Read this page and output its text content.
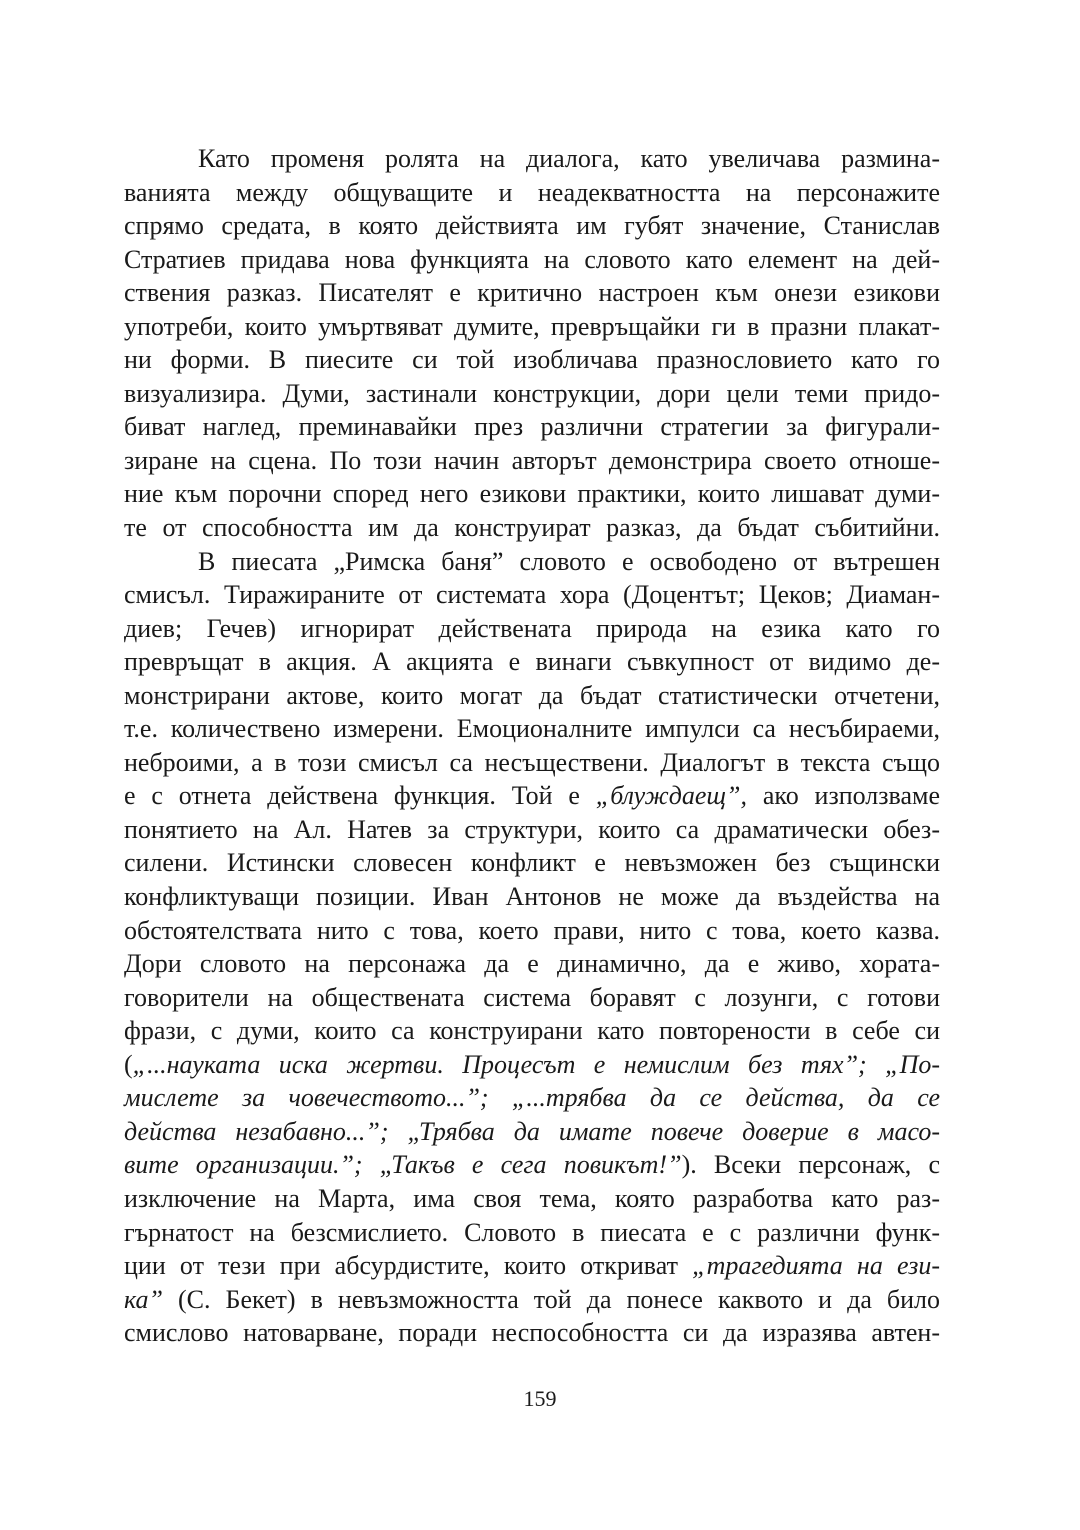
Като променя ролята на диалога, като увеличава размина-
ванията между общуващите и неадекватността на персонажите
спрямо средата, в която действията им губят значение, Станислав
Стратиев придава нова функцията на словото като елемент на дей-
ствения разказ. Писателят е критично настроен към онези езикови
употреби, които умъртвяват думите, превръщайки ги в празни плакат-
ни форми. В пиесите си той изобличава празнословието като го
визуализира. Думи, застинали конструкции, дори цели теми придо-
биват наглед, преминавайки през различни стратегии за фигурали-
зиране на сцена. По този начин авторът демонстрира своето отноше-
ние към порочни според него езикови практики, които лишават думи-
те от способността им да конструират разказ, да бъдат събитийни.
В пиесата „Римска баня” словото е освободено от вътрешен
смисъл. Тиражираните от системата хора (Доцентът; Цеков; Диаман-
диев; Гечев) игнорират действената природа на езика като го
превръщат в акция. А акцията е винаги съвкупност от видимо де-
монстрирани актове, които могат да бъдат статистически отчетени,
т.е. количествено измерени. Емоционалните импулси са несъбираеми,
неброими, а в този смисъл са несъществени. Диалогът в текста също
е с отнета действена функция. Той е „блуждаещ”, ако използваме
понятието на Ал. Натев за структури, които са драматически обез-
силени. Истински словесен конфликт е невъзможен без същински
конфликтуващи позиции. Иван Антонов не може да въздейства на
обстоятелствата нито с това, което прави, нито с това, което казва.
Дори словото на персонажа да е динамично, да е живо, хората-
говорители на обществената система боравят с лозунги, с готови
фрази, с думи, които са конструирани като повторености в себе си
(„...науката иска жертви. Процесът е немислим без тях”; „По-
мислете за човечеството...”; „...трябва да се действа, да се
действа незабавно...”; „Трябва да имате повече доверие в масо-
вите организации.”; „Такъв е сега повикът!”). Всеки персонаж, с
изключение на Марта, има своя тема, която разработва като раз-
гърнатост на безсмислието. Словото в пиесата е с различни функ-
ции от тези при абсурдистите, които откриват „трагедията на ези-
ка” (С. Бекет) в невъзможността той да понесе каквото и да било
смислово натоварване, поради неспособността си да изразява автен-
159
